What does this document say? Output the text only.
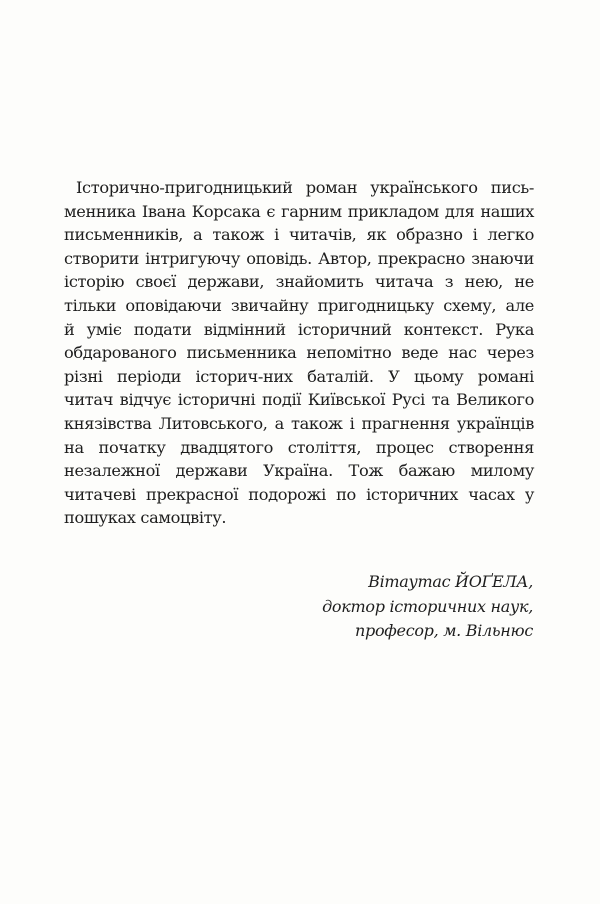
Історично-пригодницький роман українського пись-
менника Івана Корсака є гарним прикладом для наших
письменників, а також і читачів, як образно і легко
створити інтригуючу оповідь. Автор, прекрасно знаючи
історію своєї держави, знайомить читача з нею, не
тільки оповідаючи звичайну пригодницьку схему, але
й уміє подати відмінний історичний контекст. Рука
обдарованого письменника непомітно веде нас через
різні періоди історич-них баталій. У цьому романі
читач відчує історичні події Київської Русі та Великого
князівства Литовського, а також і прагнення українців
на початку двадцятого століття, процес створення
незалежної держави Україна. Тож бажаю милому
читачеві прекрасної подорожі по історичних часах у
пошуках самоцвіту.
Вітаутас ЙОҐЕЛА,
доктор історичних наук,
професор, м. Вільнюс
